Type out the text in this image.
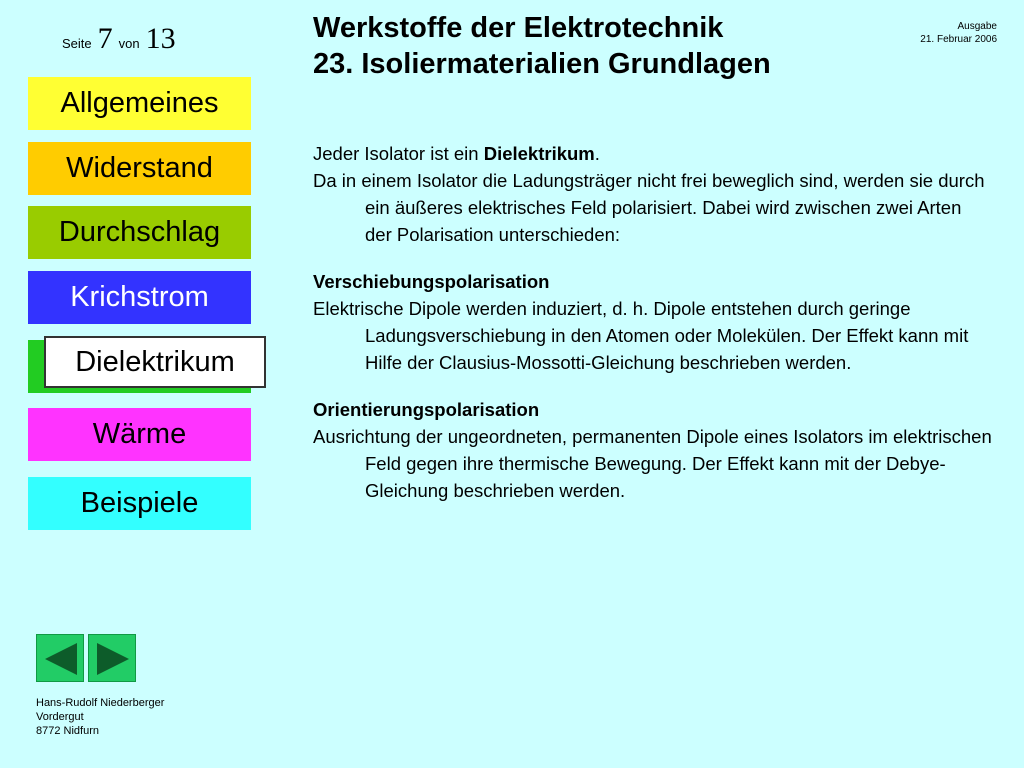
Seite 7 von 13	Werkstoffe der Elektrotechnik
23. Isoliermaterialien Grundlagen
Ausgabe
21. Februar 2006
Allgemeines
Widerstand
Durchschlag
Krichstrom
Dielektrikum
Wärme
Beispiele

Jeder Isolator ist ein Dielektrikum.

Da in einem Isolator die Ladungsträger nicht frei beweglich sind, werden sie durch ein äußeres elektrisches Feld polarisiert. Dabei wird zwischen zwei Arten der Polarisation unterschieden:

Verschiebungspolarisation

Elektrische Dipole werden induziert, d. h. Dipole entstehen durch geringe Ladungsverschiebung in den Atomen oder Molekülen. Der Effekt kann mit Hilfe der Clausius-Mossotti-Gleichung beschrieben werden.

Orientierungspolarisation

Ausrichtung der ungeordneten, permanenten Dipole eines Isolators im elektrischen Feld gegen ihre thermische Bewegung. Der Effekt kann mit der Debye-Gleichung beschrieben werden.

Hans-Rudolf Niederberger
Vordergut
8772 Nidfurn
